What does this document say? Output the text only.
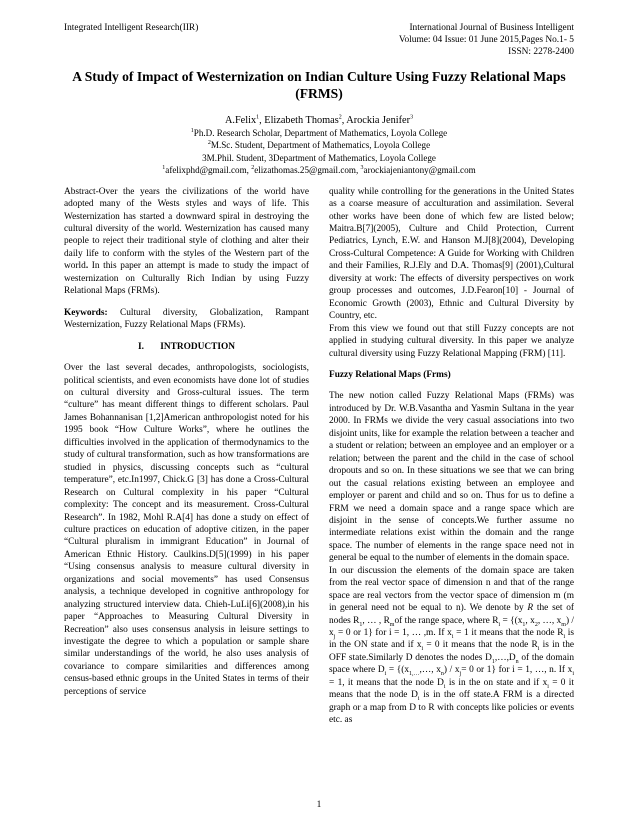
Integrated Intelligent Research(IIR)	International Journal of Business Intelligent
Volume: 04 Issue: 01 June 2015,Pages No.1- 5
ISSN: 2278-2400
A Study of Impact of Westernization on Indian Culture Using Fuzzy Relational Maps (FRMS)
A.Felix$^1$, Elizabeth Thomas$^2$, Arockia Jenifer$^3$
$^1$Ph.D. Research Scholar, Department of Mathematics, Loyola College
$^2$M.Sc. Student, Department of Mathematics, Loyola College
3M.Phil. Student, 3Department of Mathematics, Loyola College
$^1$afelixphd@gmail.com, $^2$elizathomas.25@gmail.com, $^3$arockiajeniantony@gmail.com

Abstract-Over the years the civilizations of the world have adopted many of the Wests styles and ways of life. This Westernization has started a downward spiral in destroying the cultural diversity of the world. Westernization has caused many people to reject their traditional style of clothing and alter their daily life to conform with the styles of the Western part of the world. In this paper an attempt is made to study the impact of westernization on Culturally Rich Indian by using Fuzzy Relational Maps (FRMs).

Keywords: Cultural diversity, Globalization, Rampant Westernization, Fuzzy Relational Maps (FRMs).

I.       INTRODUCTION

Over the last several decades, anthropologists, sociologists, political scientists, and even economists have done lot of studies on cultural diversity and Gross-cultural issues. The term “culture” has meant different things to different scholars. Paul James Bohannanisan [1,2]American anthropologist noted for his 1995 book “How Culture Works”, where he outlines the difficulties involved in the application of thermodynamics to the study of cultural transformation, such as how transformations are studied in physics, discussing concepts such as “cultural temperature”, etc.In1997, Chick.G [3] has done a Cross-Cultural Research on Cultural complexity in his paper “Cultural complexity: The concept and its measurement. Cross-Cultural Research”. In 1982, Mohl R.A[4] has done a study on effect of culture practices on education of adoptive citizen, in the paper “Cultural pluralism in immigrant Education” in Journal of American Ethnic History. Caulkins.D[5](1999) in his paper “Using consensus analysis to measure cultural diversity in organizations and social movements” has used Consensus analysis, a technique developed in cognitive anthropology for analyzing structured interview data. Chieh-LuLi[6](2008),in his paper “Approaches to Measuring Cultural Diversity in Recreation” also uses consensus analysis in leisure settings to investigate the degree to which a population or sample share similar understandings of the world, he also uses analysis of covariance to compare similarities and differences among census-based ethnic groups in the United States in terms of their perceptions of service

quality while controlling for the generations in the United States as a coarse measure of acculturation and assimilation. Several other works have been done of which few are listed below; Maitra.B[7](2005), Culture and Child Protection, Current Pediatrics, Lynch, E.W. and Hanson M.J[8](2004), Developing Cross-Cultural Competence: A Guide for Working with Children and their Families, R.J.Ely and D.A. Thomas[9] (2001),Cultural diversity at work: The effects of diversity perspectives on work group processes and outcomes, J.D.Fearon[10] - Journal of Economic Growth (2003), Ethnic and Cultural Diversity by Country, etc.

From this view we found out that still Fuzzy concepts are not applied in studying cultural diversity. In this paper we analyze cultural diversity using Fuzzy Relational Mapping (FRM) [11].

Fuzzy Relational Maps (Frms)

The new notion called Fuzzy Relational Maps (FRMs) was introduced by Dr. W.B.Vasantha and Yasmin Sultana in the year 2000. In FRMs we divide the very casual associations into two disjoint units, like for example the relation between a teacher and a student or relation; between an employee and an employer or a relation; between the parent and the child in the case of school dropouts and so on. In these situations we see that we can bring out the casual relations existing between an employee and employer or parent and child and so on. Thus for us to define a FRM we need a domain space and a range space which are disjoint in the sense of concepts.We further assume no intermediate relations exist within the domain and the range space. The number of elements in the range space need not in general be equal to the number of elements in the domain space.

In our discussion the elements of the domain space are taken from the real vector space of dimension n and that of the range space are real vectors from the vector space of dimension m (m in general need not be equal to n). We denote by R the set of nodes $R_1$, … , $R_mof$ the range space, where $R_i = \{(x_1$, $x_2$, …, $x_m) / x_j = 0$ or 1} for i = 1, … ,m. If $x_i = 1$ it means that the node $R_i$ is in the ON state and if $x_i = 0$ it means that the node $R_i$ is in the OFF state.Similarly D denotes the nodes $D_1,\dots,D_n$ of the domain space where $D_i$ = {($x_{1,\dots},\dots$, $x_n) / x_j= 0$ or 1} for i = 1, …, n. If $x_i = 1$, it means that the node $D_i$ is in the on state and if $x_i = 0$ it means that the node $D_i$ is in the off state.A FRM is a directed graph or a map from D to R with concepts like policies or events etc. as

1
